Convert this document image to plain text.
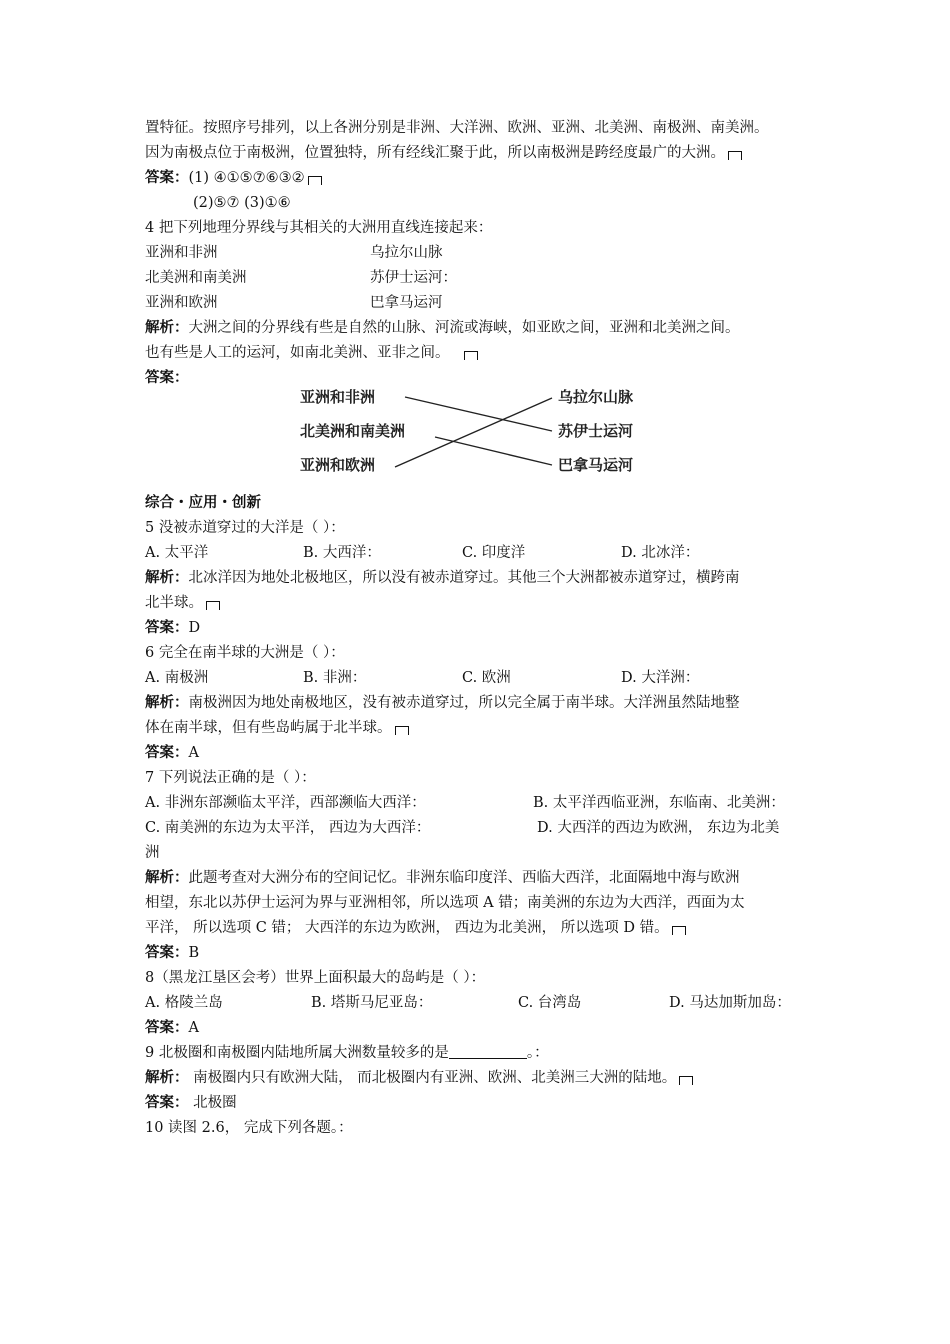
置特征。按照序号排列，以上各洲分别是非洲、大洋洲、欧洲、亚洲、北美洲、南极洲、南美洲。
因为南极点位于南极洲，位置独特，所有经线汇聚于此，所以南极洲是跨经度最广的大洲。
答案：(1) ④①⑤⑦⑥③②
(2)⑤⑦ (3)①⑥
4 把下列地理分界线与其相关的大洲用直线连接起来：
亚洲和非洲	乌拉尔山脉
北美洲和南美洲	苏伊士运河：
亚洲和欧洲	巴拿马运河
解析：大洲之间的分界线有些是自然的山脉、河流或海峡，如亚欧之间，亚洲和北美洲之间。
也有些是人工的运河，如南北美洲、亚非之间。
答案：
亚洲和非洲
北美洲和南美洲
亚洲和欧洲
乌拉尔山脉
苏伊士运河
巴拿马运河
综合・应用・创新
5 没被赤道穿过的大洋是（ ）：
A. 太平洋	B. 大西洋：	C. 印度洋	D. 北冰洋：
解析：北冰洋因为地处北极地区，所以没有被赤道穿过。其他三个大洲都被赤道穿过，横跨南
北半球。
答案：D
6 完全在南半球的大洲是（ ）：
A. 南极洲	B. 非洲：	C. 欧洲	D. 大洋洲：
解析：南极洲因为地处南极地区，没有被赤道穿过，所以完全属于南半球。大洋洲虽然陆地整
体在南半球，但有些岛屿属于北半球。
答案：A
7 下列说法正确的是（ ）：
A. 非洲东部濒临太平洋，西部濒临大西洋：	B. 太平洋西临亚洲，东临南、北美洲：
C. 南美洲的东边为太平洋， 西边为大西洋：	D. 大西洋的西边为欧洲， 东边为北美
洲
解析：此题考查对大洲分布的空间记忆。非洲东临印度洋、西临大西洋，北面隔地中海与欧洲
相望，东北以苏伊士运河为界与亚洲相邻，所以选项 A 错；南美洲的东边为大西洋，西面为太
平洋， 所以选项 C 错； 大西洋的东边为欧洲， 西边为北美洲， 所以选项 D 错。
答案：B
8（黑龙江垦区会考）世界上面积最大的岛屿是（ ）：
A. 格陵兰岛	B. 塔斯马尼亚岛：	C. 台湾岛	D. 马达加斯加岛：
答案：A
9 北极圈和南极圈内陆地所属大洲数量较多的是	。：
解析： 南极圈内只有欧洲大陆， 而北极圈内有亚洲、欧洲、北美洲三大洲的陆地。
答案： 北极圈
10 读图 2.6， 完成下列各题。：
